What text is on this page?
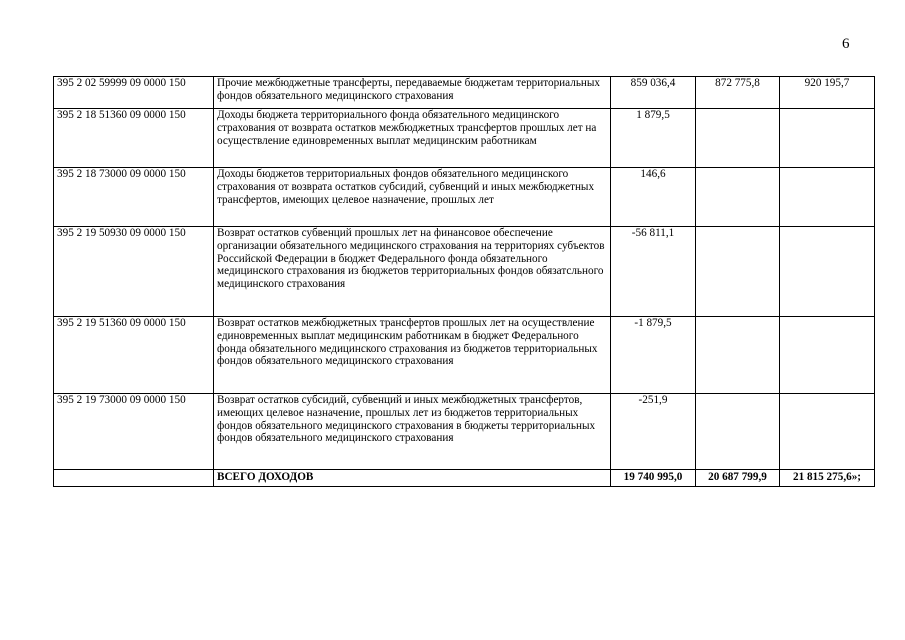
6
395 2 02 59999 09 0000 150	Прочие межбюджетные трансферты, передаваемые бюджетам территориальных фондов обязательного медицинского страхования	859 036,4	872 775,8	920 195,7
395 2 18 51360 09 0000 150	Доходы бюджета территориального фонда обязательного медицинского страхования от возврата остатков межбюджетных трансфертов прошлых лет на осуществление единовременных выплат медицинским работникам	1 879,5		
395 2 18 73000 09 0000 150	Доходы бюджетов территориальных фондов обязательного медицинского страхования от возврата остатков субсидий, субвенций и иных межбюджетных трансфертов, имеющих целевое назначение, прошлых лет	146,6		
395 2 19 50930 09 0000 150	Возврат остатков субвенций прошлых лет на финансовое обеспечение организации обязательного медицинского страхования на территориях субъектов Российской Федерации в бюджет Федерального фонда обязательного медицинского страхования из бюджетов территориальных фондов обязатсльного медицинского страхования	-56 811,1		
395 2 19 51360 09 0000 150	Возврат остатков межбюджетных трансфертов прошлых лет на осуществление единовременных выплат медицинским работникам в бюджет Федерального фонда обязательного медицинского страхования из бюджетов территориальных фондов обязательного медицинского страхования	-1 879,5		
395 2 19 73000 09 0000 150	Возврат остатков субсидий, субвенций и иных межбюджетных трансфертов, имеющих целевое назначение, прошлых лет из бюджетов территориальных фондов обязательного медицинского страхования в бюджеты территориальных фондов обязательного медицинского страхования	-251,9		
	ВСЕГО ДОХОДОВ	19 740 995,0	20 687 799,9	21 815 275,6»;
